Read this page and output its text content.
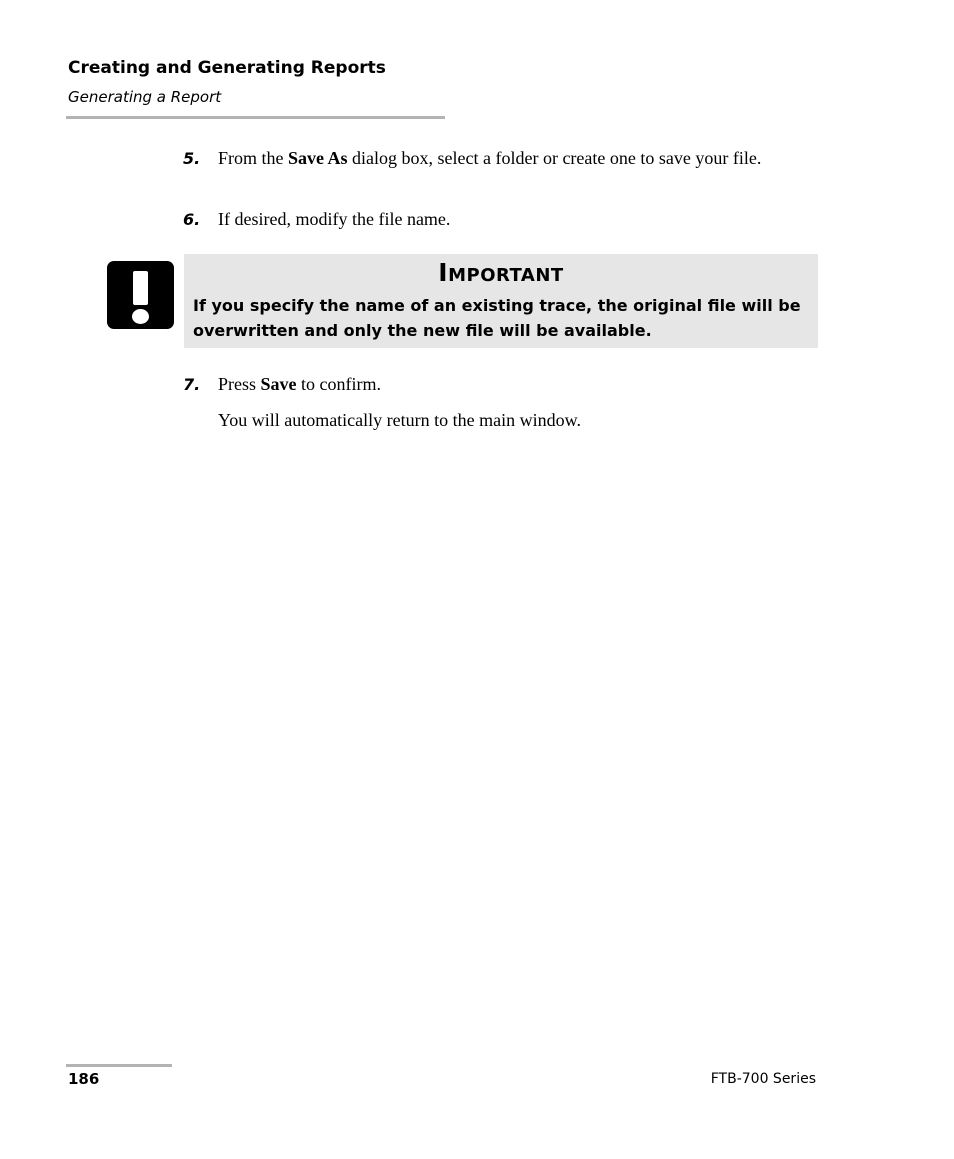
Creating and Generating Reports
Generating a Report
5. From the Save As dialog box, select a folder or create one to save your file.
6. If desired, modify the file name.
Important
If you specify the name of an existing trace, the original file will be overwritten and only the new file will be available.
7. Press Save to confirm.
You will automatically return to the main window.
186	FTB-700 Series
